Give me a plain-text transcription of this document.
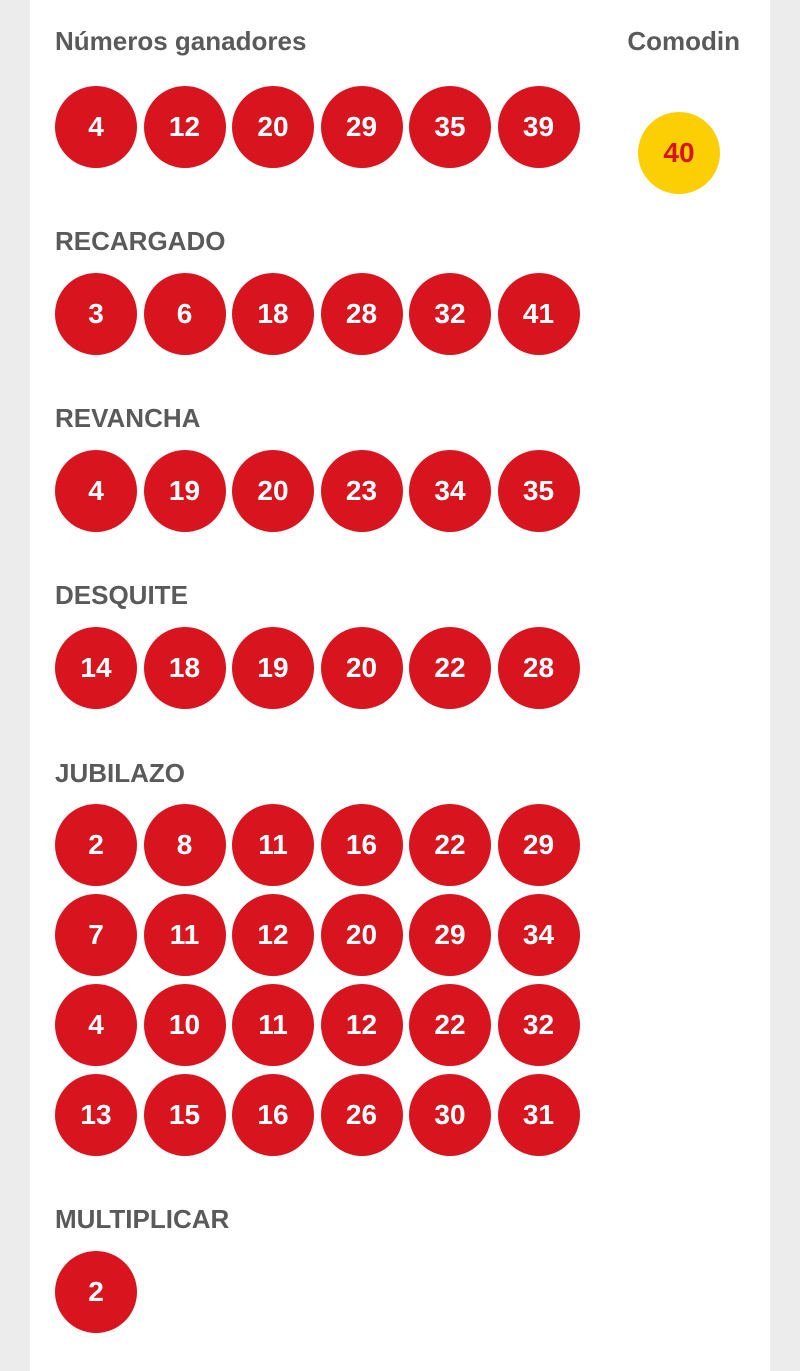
Números ganadores
4	12	20	29	35	39
Comodin
40
RECARGADO
3	6	18	28	32	41
REVANCHA
4	19	20	23	34	35
DESQUITE
14	18	19	20	22	28
JUBILAZO
2	8	11	16	22	29
7	11	12	20	29	34
4	10	11	12	22	32
13	15	16	26	30	31
MULTIPLICAR
2
